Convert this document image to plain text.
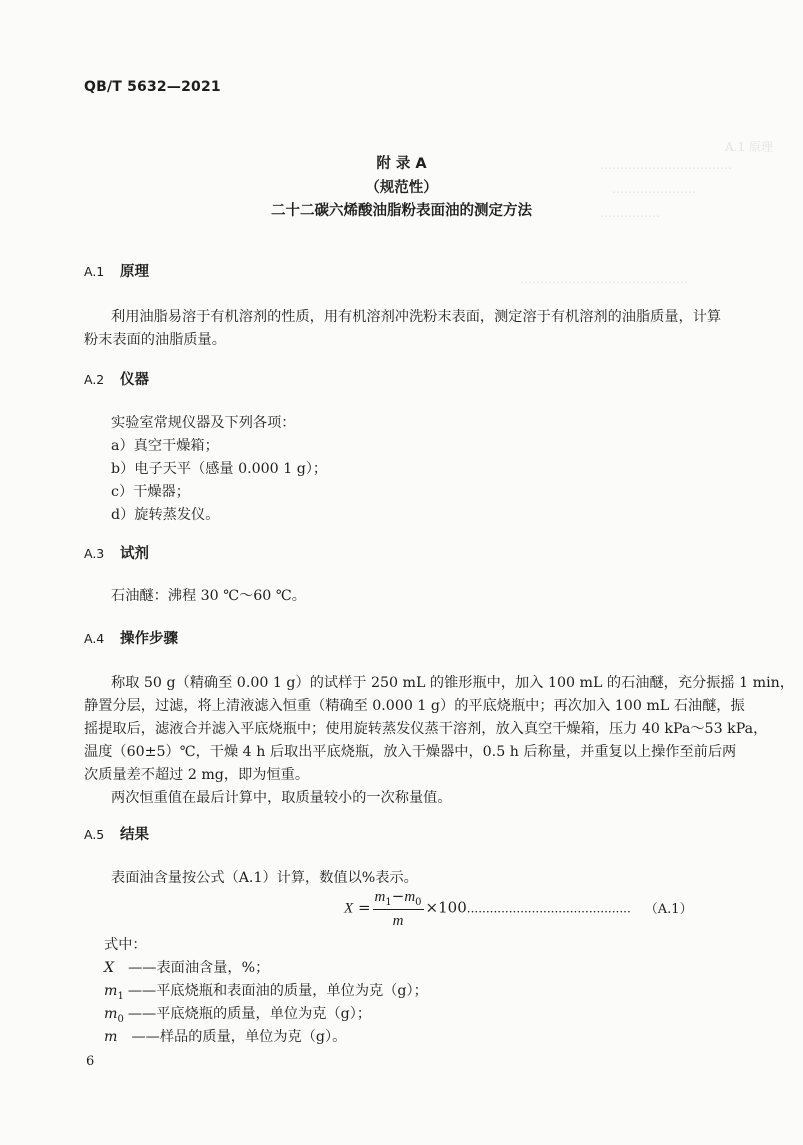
A.1 原理
……………………………
…………………
……………
……………………………………
QB/T 5632—2021
附 录 A
（规范性）
二十二碳六烯酸油脂粉表面油的测定方法
A.1 原理
利用油脂易溶于有机溶剂的性质，用有机溶剂冲洗粉末表面，测定溶于有机溶剂的油脂质量，计算
粉末表面的油脂质量。
A.2 仪器
实验室常规仪器及下列各项：
a）真空干燥箱；
b）电子天平（感量 0.000 1 g）；
c）干燥器；
d）旋转蒸发仪。
A.3 试剂
石油醚：沸程 30 ℃～60 ℃。
A.4 操作步骤
称取 50 g（精确至 0.00 1 g）的试样于 250 mL 的锥形瓶中，加入 100 mL 的石油醚，充分振摇 1 min，
静置分层，过滤，将上清液滤入恒重（精确至 0.000 1 g）的平底烧瓶中；再次加入 100 mL 石油醚，振
摇提取后，滤液合并滤入平底烧瓶中；使用旋转蒸发仪蒸干溶剂，放入真空干燥箱，压力 40 kPa～53 kPa，
温度（60±5）℃，干燥 4 h 后取出平底烧瓶，放入干燥器中，0.5 h 后称量，并重复以上操作至前后两
次质量差不超过 2 mg，即为恒重。
两次恒重值在最后计算中，取质量较小的一次称量值。
A.5 结果
表面油含量按公式（A.1）计算，数值以%表示。
$X = \frac{m_1-m_0}{m} \times 100$........................................... （A.1）
式中：
X ——表面油含量，%；
$m_1$ ——平底烧瓶和表面油的质量，单位为克（g）；
$m_0$ ——平底烧瓶的质量，单位为克（g）；
m ——样品的质量，单位为克（g）。
6
